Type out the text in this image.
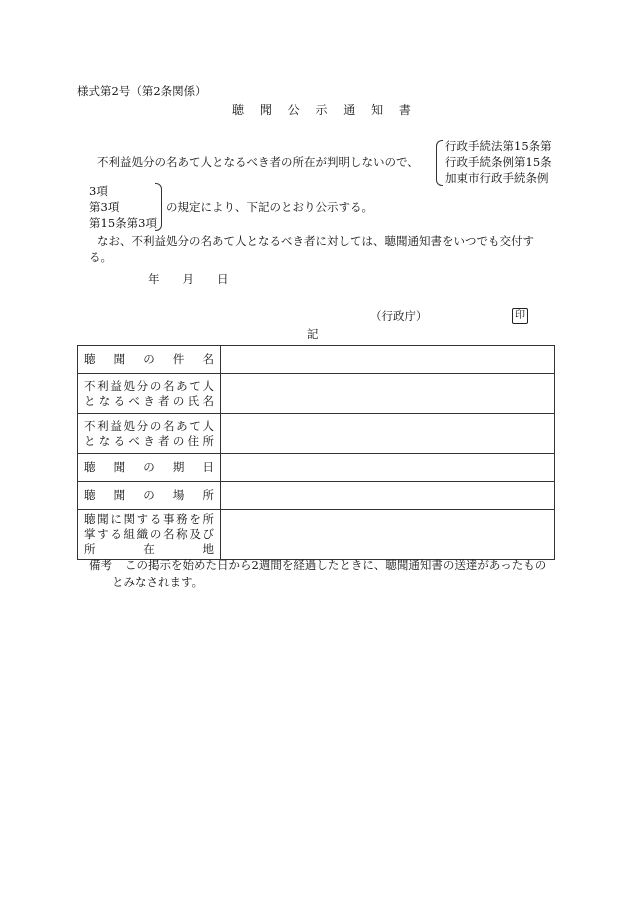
様式第2号（第2条関係）
聴 聞 公 示 通 知 書
不利益処分の名あて人となるべき者の所在が判明しないので、
行政手続法第15条第
行政手続条例第15条
加東市行政手続条例
3項
第3項
第15条第3項
の規定により、下記のとおり公示する。
なお、不利益処分の名あて人となるべき者に対しては、聴聞通知書をいつでも交付す
る。
年　　月　　日
（行政庁）	印
記
聴　聞　の　件　名	

不利益処分の名あて人
となるべき者の氏名	

不利益処分の名あて人
となるべき者の住所	

聴　聞　の　期　日	

聴　聞　の　場　所	

聴聞に関する事務を所
掌する組織の名称及び
所　　　在　　　地	

備考 この掲示を始めた日から2週間を経過したときに、聴聞通知書の送達があったもの
とみなされます。
